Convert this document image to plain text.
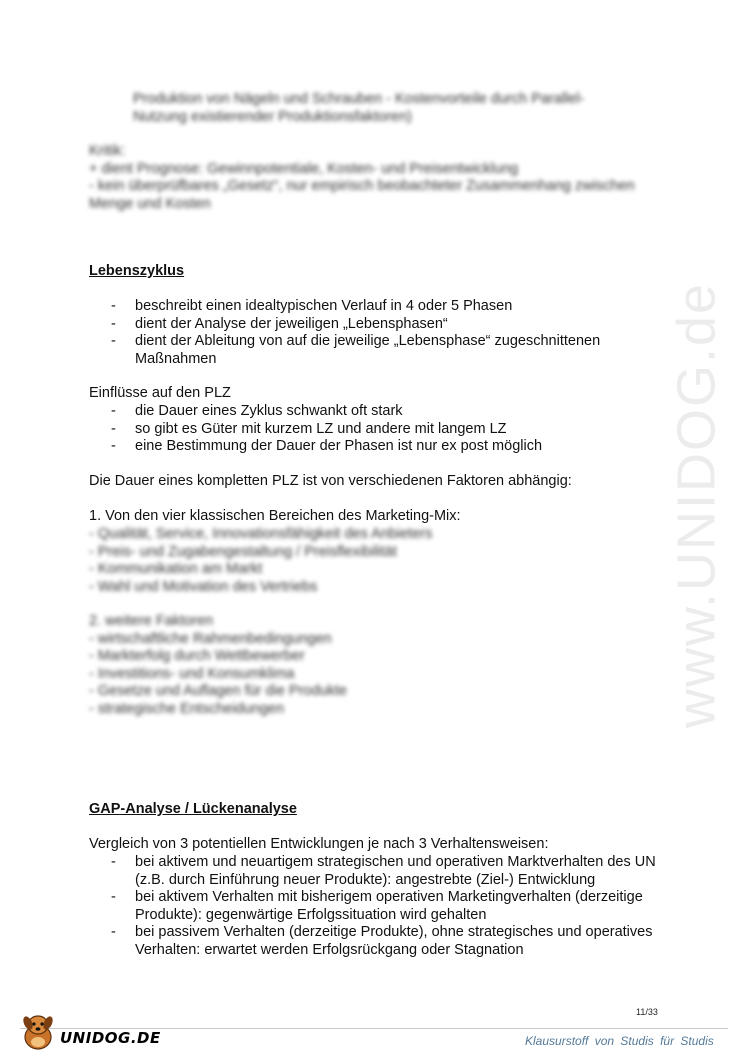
www.UNIDOG.de
Produktion von Nägeln und Schrauben - Kostenvorteile durch Parallel-
Nutzung existierender Produktionsfaktoren)
Kritik:
+ dient Prognose: Gewinnpotentiale, Kosten- und Preisentwicklung
- kein überprüfbares „Gesetz“, nur empirisch beobachteter Zusammenhang zwischen
Menge und Kosten
Lebenszyklus
- beschreibt einen idealtypischen Verlauf in 4 oder 5 Phasen
- dient der Analyse der jeweiligen „Lebensphasen“
- dient der Ableitung von auf die jeweilige „Lebensphase“ zugeschnittenen Maßnahmen
Einflüsse auf den PLZ
- die Dauer eines Zyklus schwankt oft stark
- so gibt es Güter mit kurzem LZ und andere mit langem LZ
- eine Bestimmung der Dauer der Phasen ist nur ex post möglich
Die Dauer eines kompletten PLZ ist von verschiedenen Faktoren abhängig:
1. Von den vier klassischen Bereichen des Marketing-Mix:
- Qualität, Service, Innovationsfähigkeit des Anbieters
- Preis- und Zugabengestaltung / Preisflexibilität
- Kommunikation am Markt
- Wahl und Motivation des Vertriebs
2. weitere Faktoren
- wirtschaftliche Rahmenbedingungen
- Markterfolg durch Wettbewerber
- Investitions- und Konsumklima
- Gesetze und Auflagen für die Produkte
- strategische Entscheidungen
GAP-Analyse / Lückenanalyse
Vergleich von 3 potentiellen Entwicklungen je nach 3 Verhaltensweisen:
- bei aktivem und neuartigem strategischen und operativen Marktverhalten des UN (z.B. durch Einführung neuer Produkte): angestrebte (Ziel-) Entwicklung
- bei aktivem Verhalten mit bisherigem operativen Marketingverhalten (derzeitige Produkte): gegenwärtige Erfolgssituation wird gehalten
- bei passivem Verhalten (derzeitige Produkte), ohne strategisches und operatives Verhalten: erwartet werden Erfolgsrückgang oder Stagnation
11/33
UNIDOG.DE	Klausurstoff von Studis für Studis
